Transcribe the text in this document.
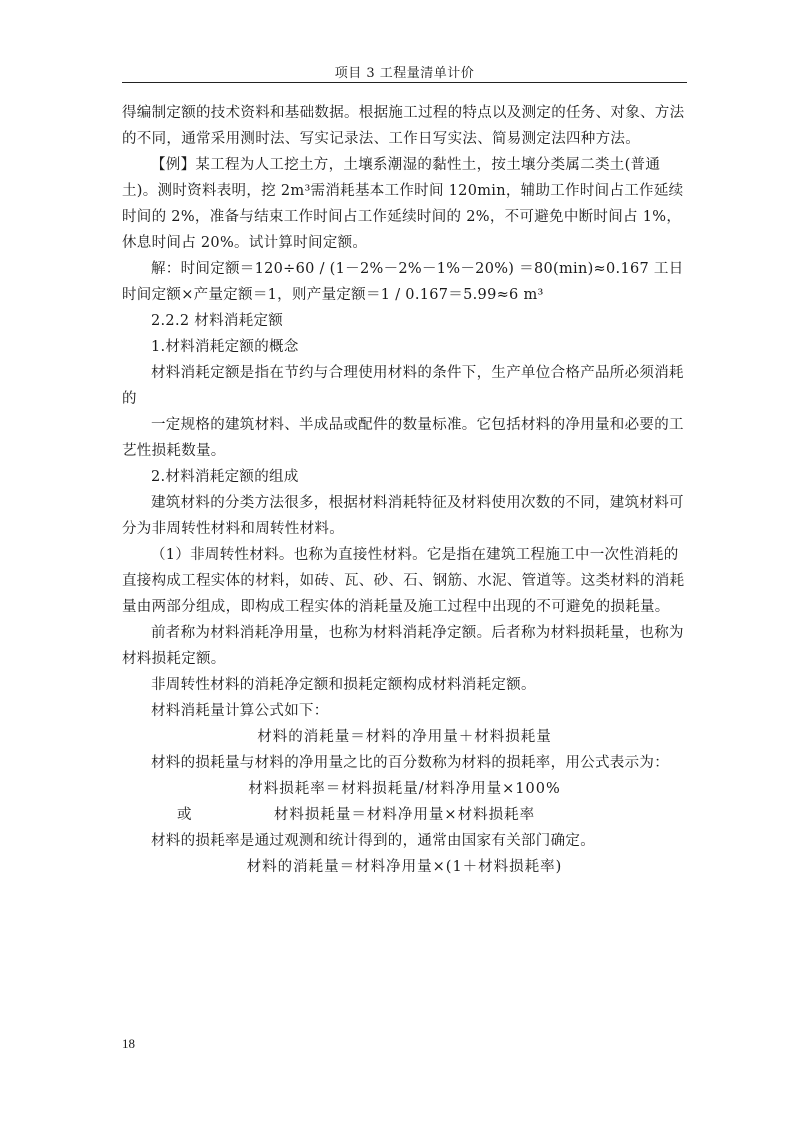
项目 3 工程量清单计价

得编制定额的技术资料和基础数据。根据施工过程的特点以及测定的任务、对象、方法的不同，通常采用测时法、写实记录法、工作日写实法、简易测定法四种方法。

【例】某工程为人工挖土方，土壤系潮湿的黏性土，按土壤分类属二类土(普通土)。测时资料表明，挖 2m³需消耗基本工作时间 120min，辅助工作时间占工作延续时间的 2%，准备与结束工作时间占工作延续时间的 2%，不可避免中断时间占 1%，休息时间占 20%。试计算时间定额。

解：时间定额＝120÷60 / (1－2%－2%－1%－20%) ＝80(min)≈0.167 工日时间定额×产量定额＝1，则产量定额＝1 / 0.167＝5.99≈6 m³

2.2.2 材料消耗定额

1.材料消耗定额的概念

材料消耗定额是指在节约与合理使用材料的条件下，生产单位合格产品所必须消耗的

一定规格的建筑材料、半成品或配件的数量标准。它包括材料的净用量和必要的工艺性损耗数量。

2.材料消耗定额的组成

建筑材料的分类方法很多，根据材料消耗特征及材料使用次数的不同，建筑材料可分为非周转性材料和周转性材料。

（1）非周转性材料。也称为直接性材料。它是指在建筑工程施工中一次性消耗的直接构成工程实体的材料，如砖、瓦、砂、石、钢筋、水泥、管道等。这类材料的消耗量由两部分组成，即构成工程实体的消耗量及施工过程中出现的不可避免的损耗量。

前者称为材料消耗净用量，也称为材料消耗净定额。后者称为材料损耗量，也称为材料损耗定额。

非周转性材料的消耗净定额和损耗定额构成材料消耗定额。

材料消耗量计算公式如下：

材料的消耗量＝材料的净用量＋材料损耗量

材料的损耗量与材料的净用量之比的百分数称为材料的损耗率，用公式表示为：

材料损耗率＝材料损耗量/材料净用量×100%

或	材料损耗量＝材料净用量×材料损耗率

材料的损耗率是通过观测和统计得到的，通常由国家有关部门确定。

材料的消耗量＝材料净用量×(1＋材料损耗率)

18
